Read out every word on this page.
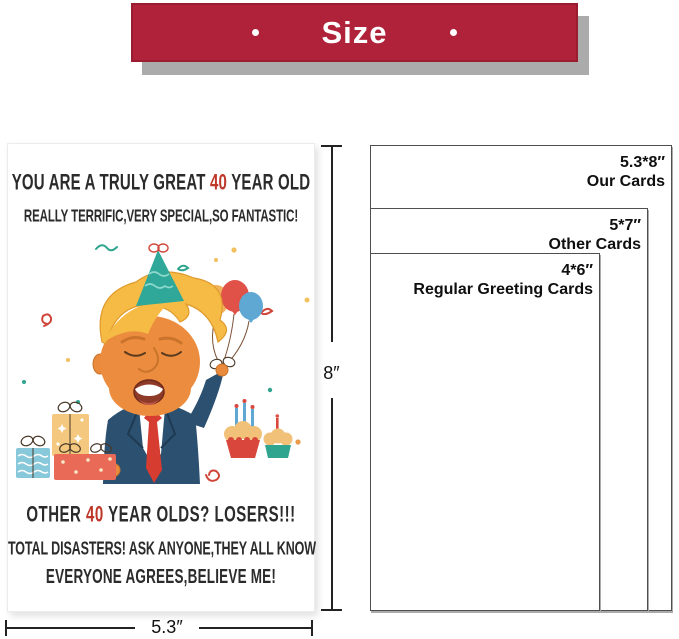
Size
YOU ARE A TRULY GREAT 40 YEAR OLD
REALLY TERRIFIC,VERY SPECIAL,SO FANTASTIC!
OTHER 40 YEAR OLDS? LOSERS!!!
TOTAL DISASTERS! ASK ANYONE,THEY ALL KNOW
EVERYONE AGREES,BELIEVE ME!
8″
5.3″
5.3*8″
Our Cards
5*7″
Other Cards
4*6″
Regular Greeting Cards
